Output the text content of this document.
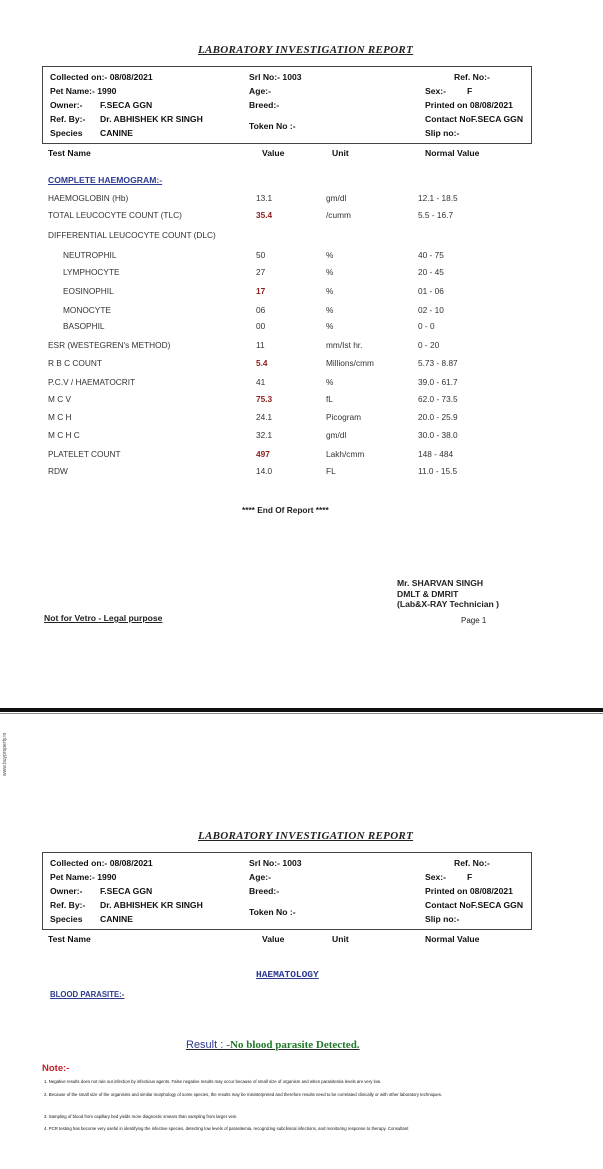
LABORATORY INVESTIGATION REPORT
Collected on:- 08/08/2021
Pet Name:- 1990
Owner:- F.SECA GGN
Ref. By:- Dr. ABHISHEK KR SINGH
Species CANINE
Srl No:- 1003
Age:-
Breed:-
Token No :-
Ref. No:-
Sex:- F
Printed on 08/08/2021
Contact NoF.SECA GGN
Slip no:-
Test Name	Value	Unit	Normal Value
COMPLETE HAEMOGRAM:-
HAEMOGLOBIN (Hb)	13.1	gm/dl	12.1 - 18.5
TOTAL LEUCOCYTE COUNT (TLC)	35.4	/cumm	5.5 - 16.7
DIFFERENTIAL LEUCOCYTE COUNT (DLC)
NEUTROPHIL	50	%	40 - 75
LYMPHOCYTE	27	%	20 - 45
EOSINOPHIL	17	%	01 - 06
MONOCYTE	06	%	02 - 10
BASOPHIL	00	%	0 - 0
ESR (WESTEGREN's METHOD)	11	mm/Ist hr.	0 - 20
R B C COUNT	5.4	Millions/cmm	5.73 - 8.87
P.C.V / HAEMATOCRIT	41	%	39.0 - 61.7
M C V	75.3	fL	62.0 - 73.5
M C H	24.1	Picogram	20.0 - 25.9
M C H C	32.1	gm/dl	30.0 - 38.0
PLATELET COUNT	497	Lakh/cmm	148 - 484
RDW	14.0	FL	11.0 - 15.5
**** End Of Report ****
Mr. SHARVAN SINGH
DMLT & DMRIT
(Lab&X-RAY Technician )
Not for Vetro - Legal purpose	Page 1
www.buyproperty.in
LABORATORY INVESTIGATION REPORT
Collected on:- 08/08/2021
Pet Name:- 1990
Owner:- F.SECA GGN
Ref. By:- Dr. ABHISHEK KR SINGH
Species CANINE
Srl No:- 1003
Age:-
Breed:-
Token No :-
Ref. No:-
Sex:- F
Printed on 08/08/2021
Contact NoF.SECA GGN
Slip no:-
Test Name	Value	Unit	Normal Value
HAEMATOLOGY
BLOOD PARASITE:-
Result : -No blood parasite Detected.
Note:-
1. Negative results does not rule out infection by infectious agents. False negative results may occur because of small size of organism and when parasitemia levels are very low.
2. Because of the small size of the organisms and similar morphology of some species, the results may be misinterpreted and therefore results need to be correlated clinically or with other laboratory techniques.
3. Sampling of blood from capillary bed yields more diagnostic smears than sampling from larger vein.
4. PCR testing has become very useful in identifying the infective species, detecting low levels of parasitemia, recognizing subclinical infections, and monitoring response to therapy. Consultant
